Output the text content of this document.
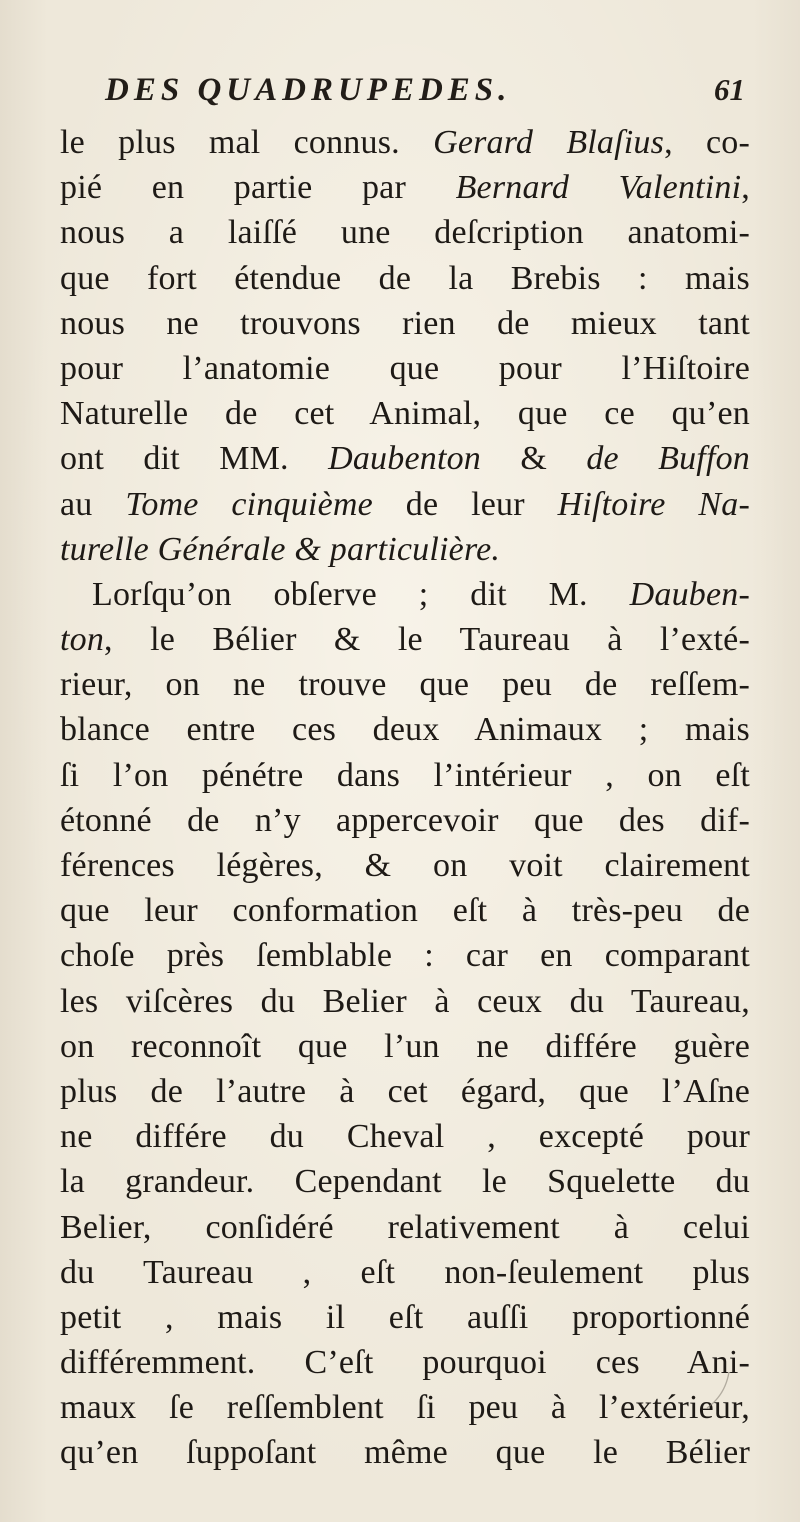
DES QUADRUPEDES.	61
le plus mal connus. Gerard Blaſius, co-
pié en partie par Bernard Valentini,
nous a laiſſé une deſcription anatomi-
que fort étendue de la Brebis : mais
nous ne trouvons rien de mieux tant
pour l’anatomie que pour l’Hiſtoire
Naturelle de cet Animal, que ce qu’en
ont dit MM. Daubenton & de Buffon
au Tome cinquième de leur Hiſtoire Na-
turelle Générale & particulière.
Lorſqu’on obſerve ; dit M. Dauben-
ton, le Bélier & le Taureau à l’exté-
rieur, on ne trouve que peu de reſſem-
blance entre ces deux Animaux ; mais
ſi l’on pénétre dans l’intérieur , on eſt
étonné de n’y appercevoir que des dif-
férences légères, & on voit clairement
que leur conformation eſt à très-peu de
choſe près ſemblable : car en comparant
les viſcères du Belier à ceux du Taureau,
on reconnoît que l’un ne différe guère
plus de l’autre à cet égard, que l’Aſne
ne différe du Cheval , excepté pour
la grandeur. Cependant le Squelette du
Belier, conſidéré relativement à celui
du Taureau , eſt non-ſeulement plus
petit , mais il eſt auſſi proportionné
différemment. C’eſt pourquoi ces Ani-
maux ſe reſſemblent ſi peu à l’extérieur,
qu’en ſuppoſant même que le Bélier
